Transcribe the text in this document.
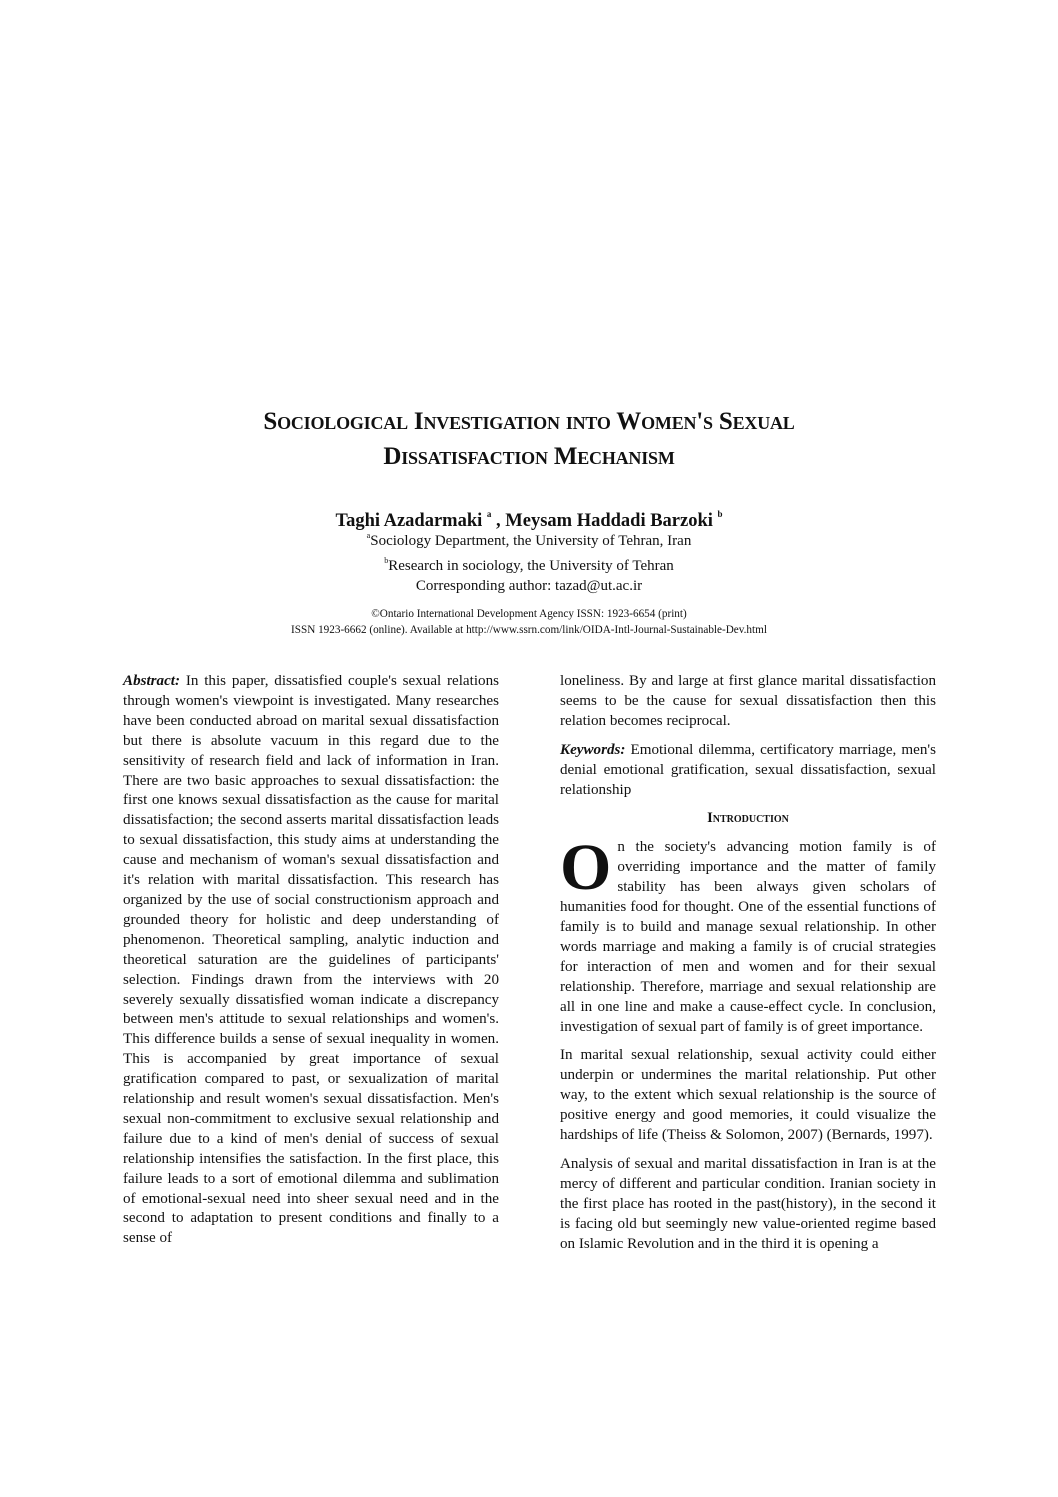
Sociological Investigation into Women's Sexual
Dissatisfaction Mechanism
Taghi Azadarmaki $^a$ , Meysam Haddadi Barzoki $^b$
$^a$Sociology Department, the University of Tehran, Iran
$^b$Research in sociology, the University of Tehran
Corresponding author: tazad@ut.ac.ir
©Ontario International Development Agency ISSN: 1923-6654 (print)
ISSN 1923-6662 (online). Available at http://www.ssrn.com/link/OIDA-Intl-Journal-Sustainable-Dev.html

Abstract: In this paper, dissatisfied couple's sexual relations through women's viewpoint is investigated. Many researches have been conducted abroad on marital sexual dissatisfaction but there is absolute vacuum in this regard due to the sensitivity of research field and lack of information in Iran. There are two basic approaches to sexual dissatisfaction: the first one knows sexual dissatisfaction as the cause for marital dissatisfaction; the second asserts marital dissatisfaction leads to sexual dissatisfaction, this study aims at understanding the cause and mechanism of woman's sexual dissatisfaction and it's relation with marital dissatisfaction. This research has organized by the use of social constructionism approach and grounded theory for holistic and deep understanding of phenomenon. Theoretical sampling, analytic induction and theoretical saturation are the guidelines of participants' selection. Findings drawn from the interviews with 20 severely sexually dissatisfied woman indicate a discrepancy between men's attitude to sexual relationships and women's. This difference builds a sense of sexual inequality in women. This is accompanied by great importance of sexual gratification compared to past, or sexualization of marital relationship and result women's sexual dissatisfaction. Men's sexual non-commitment to exclusive sexual relationship and failure due to a kind of men's denial of success of sexual relationship intensifies the satisfaction. In the first place, this failure leads to a sort of emotional dilemma and sublimation of emotional-sexual need into sheer sexual need and in the second to adaptation to present conditions and finally to a sense of

loneliness. By and large at first glance marital dissatisfaction seems to be the cause for sexual dissatisfaction then this relation becomes reciprocal.

Keywords: Emotional dilemma, certificatory marriage, men's denial emotional gratification, sexual dissatisfaction, sexual relationship

Introduction

On the society's advancing motion family is of overriding importance and the matter of family stability has been always given scholars of humanities food for thought. One of the essential functions of family is to build and manage sexual relationship. In other words marriage and making a family is of crucial strategies for interaction of men and women and for their sexual relationship. Therefore, marriage and sexual relationship are all in one line and make a cause-effect cycle. In conclusion, investigation of sexual part of family is of greet importance.

In marital sexual relationship, sexual activity could either underpin or undermines the marital relationship. Put other way, to the extent which sexual relationship is the source of positive energy and good memories, it could visualize the hardships of life (Theiss & Solomon, 2007) (Bernards, 1997).

Analysis of sexual and marital dissatisfaction in Iran is at the mercy of different and particular condition. Iranian society in the first place has rooted in the past(history), in the second it is facing old but seemingly new value-oriented regime based on Islamic Revolution and in the third it is opening a
